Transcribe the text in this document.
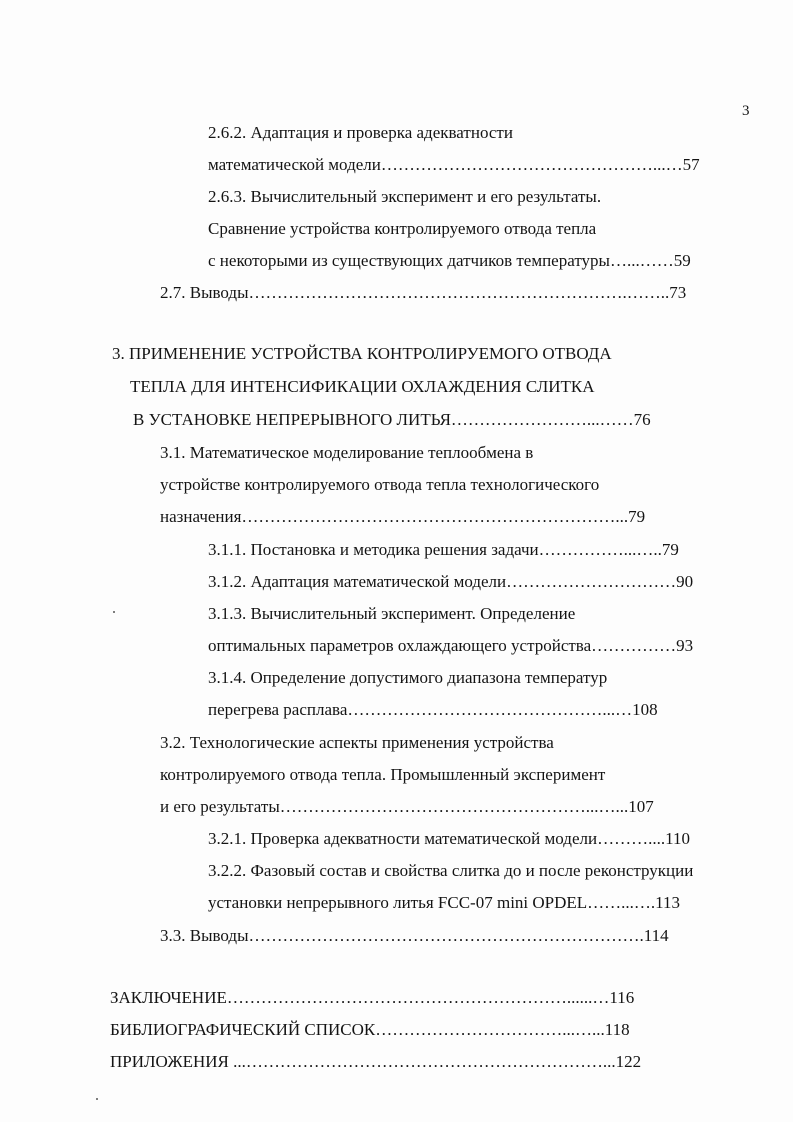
3
2.6.2. Адаптация и проверка адекватности
математической модели…………………………………………...…57
2.6.3. Вычислительный эксперимент и его результаты.
Сравнение устройства контролируемого отвода тепла
с некоторыми из существующих датчиков температуры…...……59
2.7. Выводы………………………………………………………….……..73
3. ПРИМЕНЕНИЕ УСТРОЙСТВА КОНТРОЛИРУЕМОГО ОТВОДА
ТЕПЛА ДЛЯ ИНТЕНСИФИКАЦИИ ОХЛАЖДЕНИЯ СЛИТКА
В УСТАНОВКЕ НЕПРЕРЫВНОГО ЛИТЬЯ……………………...……76
3.1. Математическое моделирование теплообмена в
устройстве контролируемого отвода тепла технологического
назначения…………………………………………………………...79
3.1.1. Постановка и методика решения задачи……………...…..79
3.1.2. Адаптация математической модели…………………………90
3.1.3. Вычислительный эксперимент. Определение
оптимальных параметров охлаждающего устройства……………93
3.1.4. Определение допустимого диапазона температур
перегрева расплава………………………………………...…108
3.2. Технологические аспекты применения устройства
контролируемого отвода тепла. Промышленный эксперимент
и его результаты………………………………………………...…...107
3.2.1. Проверка адекватности математической модели………....110
3.2.2. Фазовый состав и свойства слитка до и после реконструкции
установки непрерывного литья FCC-07 mini OPDEL……...….113
3.3. Выводы…………………………………………………………….114
ЗАКЛЮЧЕНИЕ……………………………………………………......…116
БИБЛИОГРАФИЧЕСКИЙ СПИСОК……………………………...…...118
ПРИЛОЖЕНИЯ ...………………………………………………………...122
